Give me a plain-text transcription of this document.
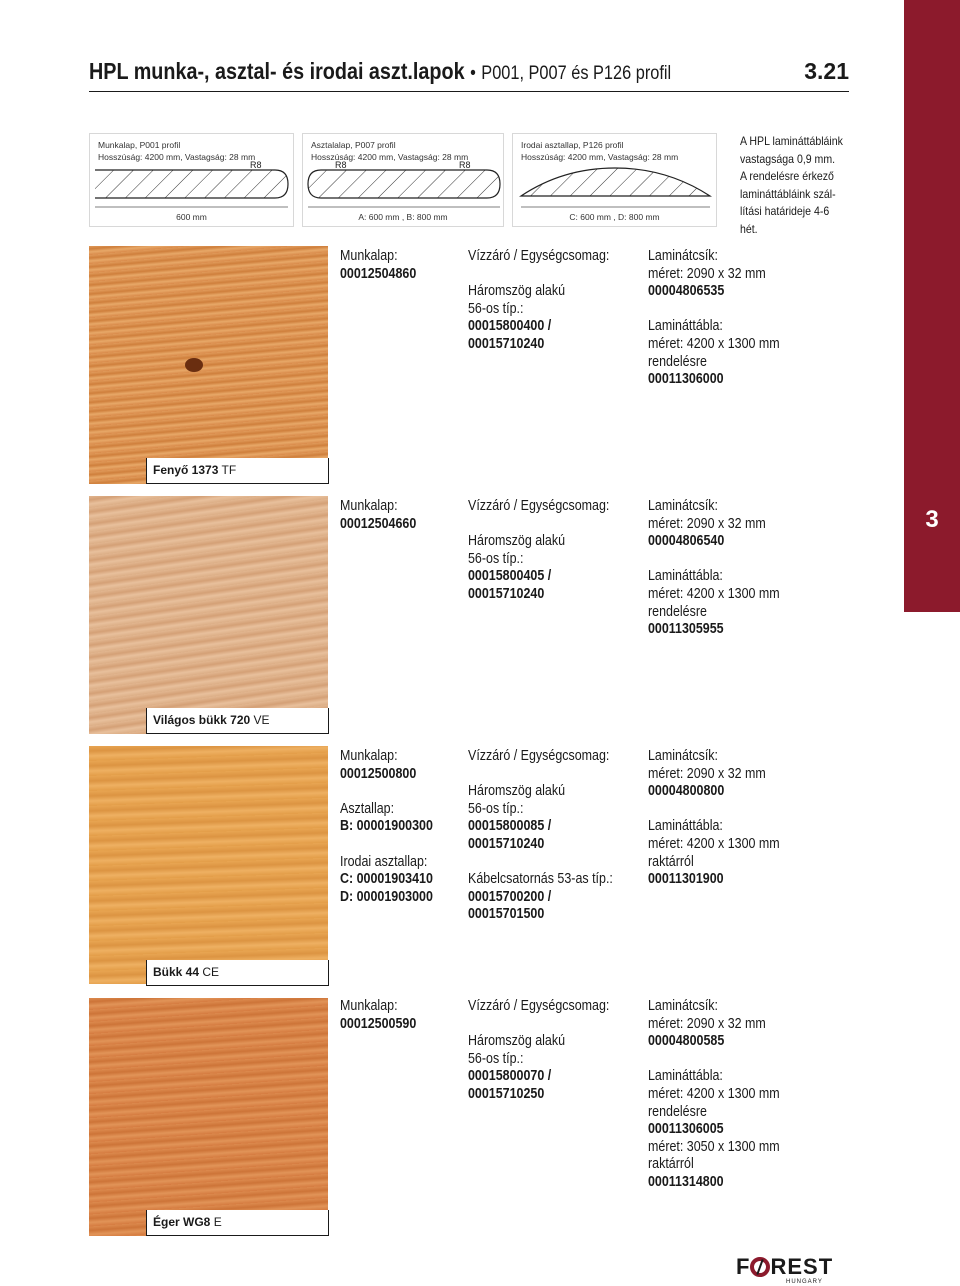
HPL munka-, asztal- és irodai aszt.lapok • P001, P007 és P126 profil	3.21
3
Munkalap, P001 profil
Hosszúság: 4200 mm, Vastagság: 28 mm
R8
600 mm
Asztalalap, P007 profil
Hosszúság: 4200 mm, Vastagság: 28 mm
R8	R8
A: 600 mm , B: 800 mm
Irodai asztallap, P126 profil
Hosszúság: 4200 mm, Vastagság: 28 mm
C: 600 mm , D: 800 mm
A HPL lamináttábláink
vastagsága 0,9 mm.
A rendelésre érkező
lamináttábláink szál-
lítási határideje 4-6
hét.
Fenyő 1373 TF
Munkalap:
00012504860
Vízzáró / Egységcsomag:
Háromszög alakú
56-os típ.:
00015800400 /
00015710240
Laminátcsík:
méret: 2090 x 32 mm
00004806535
Lamináttábla:
méret: 4200 x 1300 mm
rendelésre
00011306000
Világos bükk 720 VE
Munkalap:
00012504660
Vízzáró / Egységcsomag:
Háromszög alakú
56-os típ.:
00015800405 /
00015710240
Laminátcsík:
méret: 2090 x 32 mm
00004806540
Lamináttábla:
méret: 4200 x 1300 mm
rendelésre
00011305955
Bükk 44 CE
Munkalap:
00012500800
Asztallap:
B: 00001900300
Irodai asztallap:
C: 00001903410
D: 00001903000
Vízzáró / Egységcsomag:
Háromszög alakú
56-os típ.:
00015800085 /
00015710240
Kábelcsatornás 53-as típ.:
00015700200 /
00015701500
Laminátcsík:
méret: 2090 x 32 mm
00004800800
Lamináttábla:
méret: 4200 x 1300 mm
raktárról
00011301900
Éger WG8 E
Munkalap:
00012500590
Vízzáró / Egységcsomag:
Háromszög alakú
56-os típ.:
00015800070 /
00015710250
Laminátcsík:
méret: 2090 x 32 mm
00004800585
Lamináttábla:
méret: 4200 x 1300 mm
rendelésre
00011306005
méret: 3050 x 1300 mm
raktárról
00011314800
F REST
HUNGARY
